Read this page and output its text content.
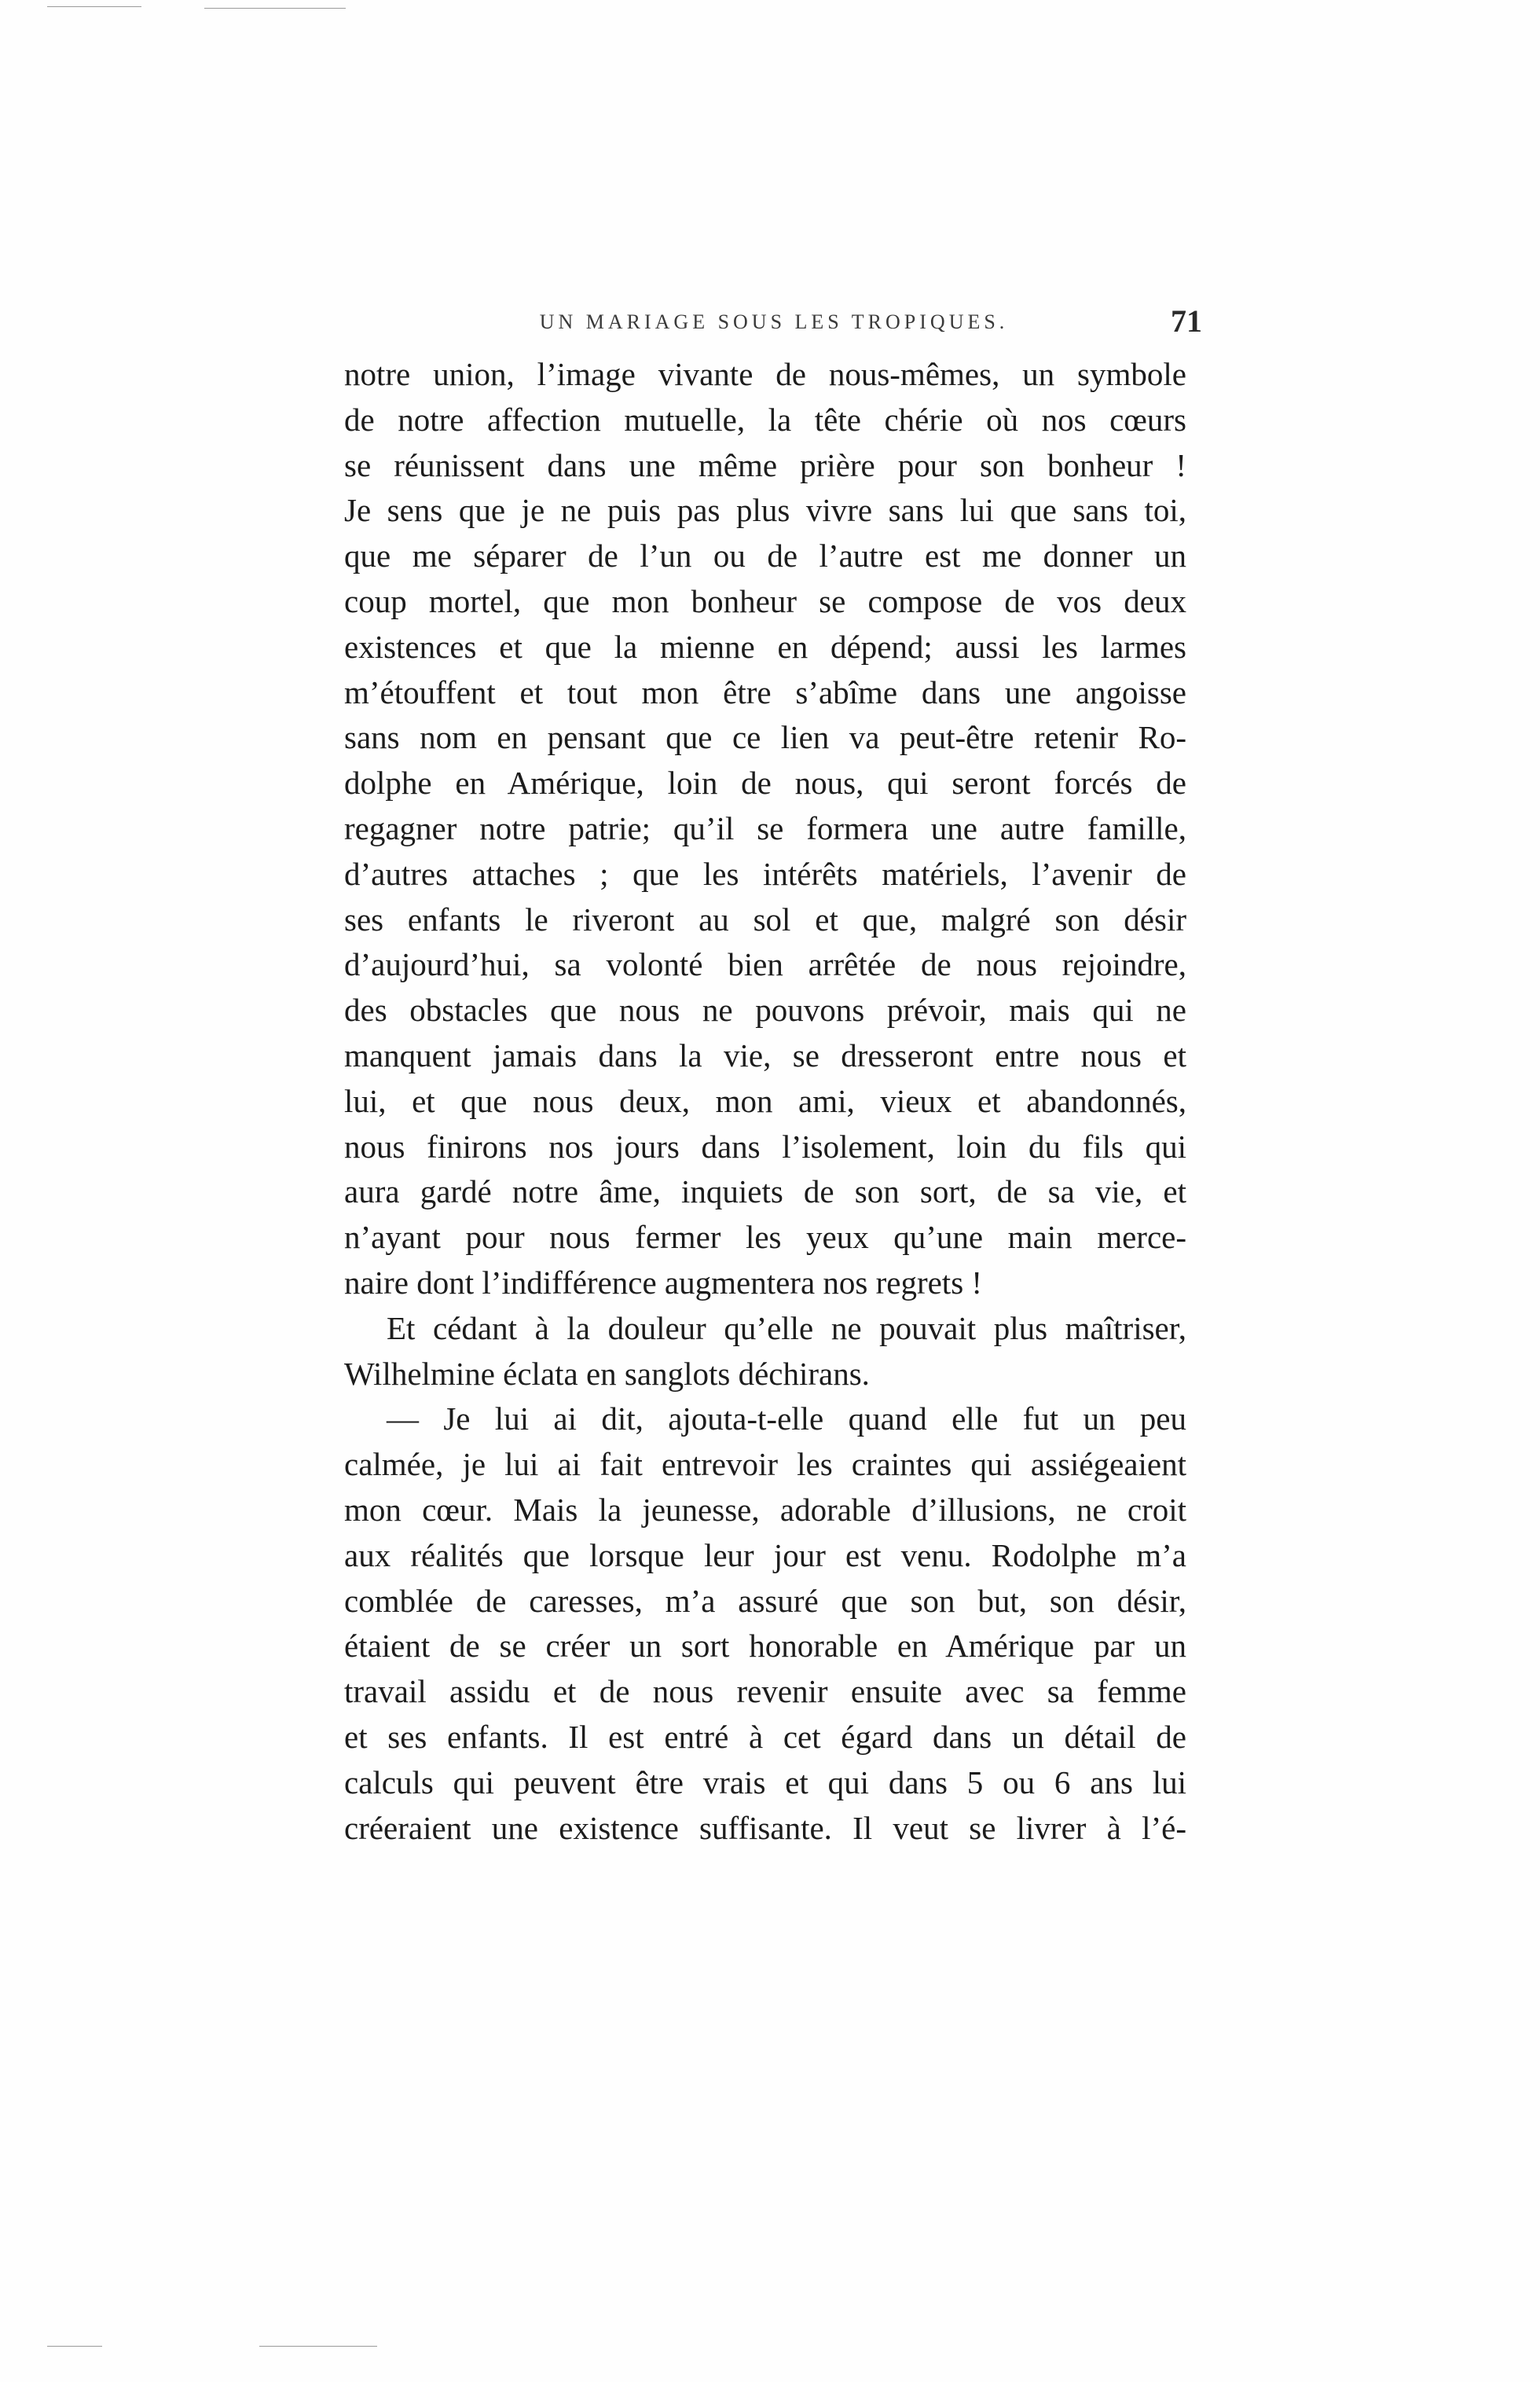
UN MARIAGE SOUS LES TROPIQUES.	71
notre union, l’image vivante de nous-mêmes, un symbole
de notre affection mutuelle, la tête chérie où nos cœurs
se réunissent dans une même prière pour son bonheur !
Je sens que je ne puis pas plus vivre sans lui que sans toi,
que me séparer de l’un ou de l’autre est me donner un
coup mortel, que mon bonheur se compose de vos deux
existences et que la mienne en dépend; aussi les larmes
m’étouffent et tout mon être s’abîme dans une angoisse
sans nom en pensant que ce lien va peut-être retenir Ro-
dolphe en Amérique, loin de nous, qui seront forcés de
regagner notre patrie; qu’il se formera une autre famille,
d’autres attaches ; que les intérêts matériels, l’avenir de
ses enfants le riveront au sol et que, malgré son désir
d’aujourd’hui, sa volonté bien arrêtée de nous rejoindre,
des obstacles que nous ne pouvons prévoir, mais qui ne
manquent jamais dans la vie, se dresseront entre nous et
lui, et que nous deux, mon ami, vieux et abandonnés,
nous finirons nos jours dans l’isolement, loin du fils qui
aura gardé notre âme, inquiets de son sort, de sa vie, et
n’ayant pour nous fermer les yeux qu’une main merce-
naire dont l’indifférence augmentera nos regrets !
Et cédant à la douleur qu’elle ne pouvait plus maîtriser,
Wilhelmine éclata en sanglots déchirans.
— Je lui ai dit, ajouta-t-elle quand elle fut un peu
calmée, je lui ai fait entrevoir les craintes qui assiégeaient
mon cœur. Mais la jeunesse, adorable d’illusions, ne croit
aux réalités que lorsque leur jour est venu. Rodolphe m’a
comblée de caresses, m’a assuré que son but, son désir,
étaient de se créer un sort honorable en Amérique par un
travail assidu et de nous revenir ensuite avec sa femme
et ses enfants. Il est entré à cet égard dans un détail de
calculs qui peuvent être vrais et qui dans 5 ou 6 ans lui
créeraient une existence suffisante. Il veut se livrer à l’é-
